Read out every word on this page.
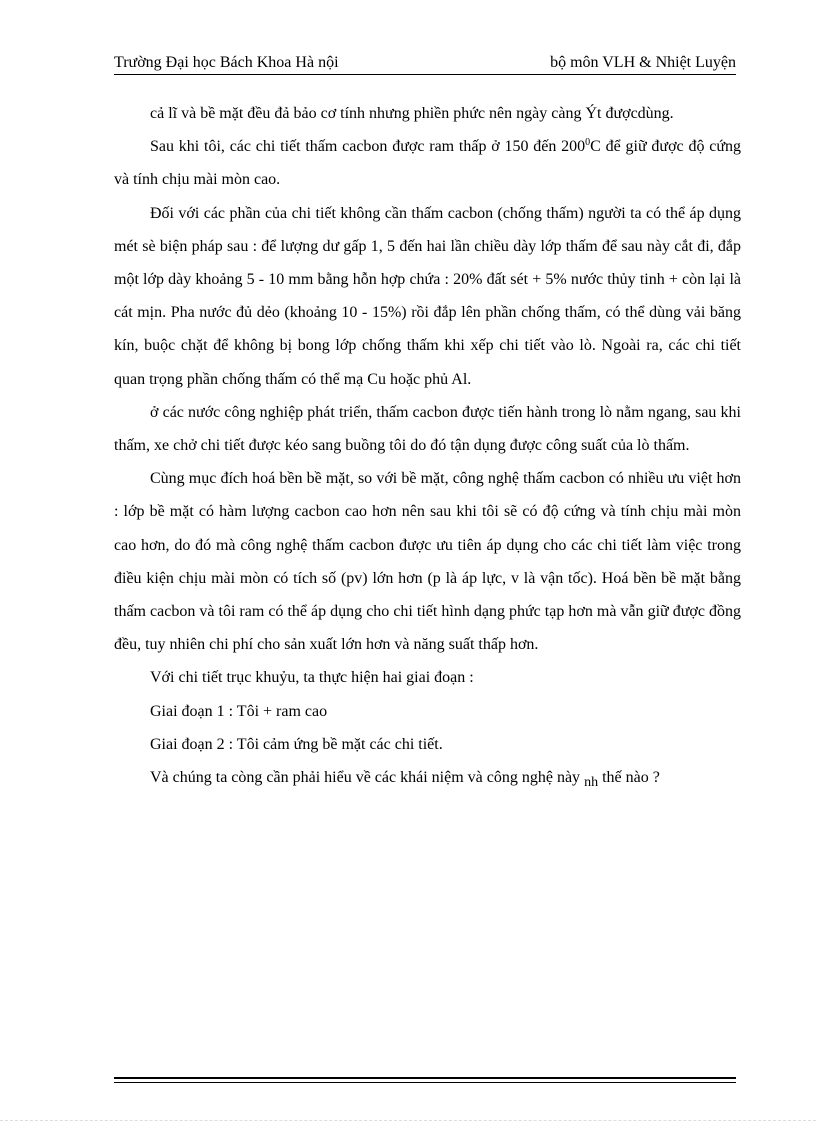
Trường Đại học Bách Khoa Hà nội	bộ môn VLH & Nhiệt Luyện

cả lĩ và bề mặt đều đả bảo cơ tính nhưng phiền phức nên ngày càng Ýt đượcdùng.

Sau khi tôi, các chi tiết thấm cacbon được ram thấp ở 150 đến $200^0C$ để giữ được độ cứng và tính chịu mài mòn cao.

Đối với các phần của chi tiết không cần thấm cacbon (chống thấm) người ta có thể áp dụng mét sè biện pháp sau : để lượng dư gấp 1, 5 đến hai lần chiều dày lớp thấm để sau này cắt đi, đắp một lớp dày khoảng 5 - 10 mm bằng hỗn hợp chứa : 20% đất sét + 5% nước thủy tinh + còn lại là cát mịn. Pha nước đủ dẻo (khoảng 10 - 15%) rồi đắp lên phần chống thấm, có thể dùng vải băng kín, buộc chặt để không bị bong lớp chống thấm khi xếp chi tiết vào lò. Ngoài ra, các chi tiết quan trọng phần chống thấm có thể mạ Cu hoặc phủ Al.

ở các nước công nghiệp phát triển, thấm cacbon được tiến hành trong lò nằm ngang, sau khi thấm, xe chở chi tiết được kéo sang buồng tôi do đó tận dụng được công suất của lò thấm.

Cùng mục đích hoá bền bề mặt, so với bề mặt, công nghệ thấm cacbon có nhiều ưu việt hơn : lớp bề mặt có hàm lượng cacbon cao hơn nên sau khi tôi sẽ có độ cứng và tính chịu mài mòn cao hơn, do đó mà công nghệ thấm cacbon được ưu tiên áp dụng cho các chi tiết làm việc trong điều kiện chịu mài mòn có tích số (pv) lớn hơn (p là áp lực, v là vận tốc). Hoá bền bề mặt bằng thấm cacbon và tôi ram có thể áp dụng cho chi tiết hình dạng phức tạp hơn mà vẫn giữ được đồng đều, tuy nhiên chi phí cho sản xuất lớn hơn và năng suất thấp hơn.

Với chi tiết trục khuỷu, ta thực hiện hai giai đoạn :

Giai đoạn 1 : Tôi + ram cao

Giai đoạn 2 : Tôi cảm ứng bề mặt các chi tiết.

Và chúng ta còng cần phải hiểu về các khái niệm và công nghệ này nh thế nào ?
